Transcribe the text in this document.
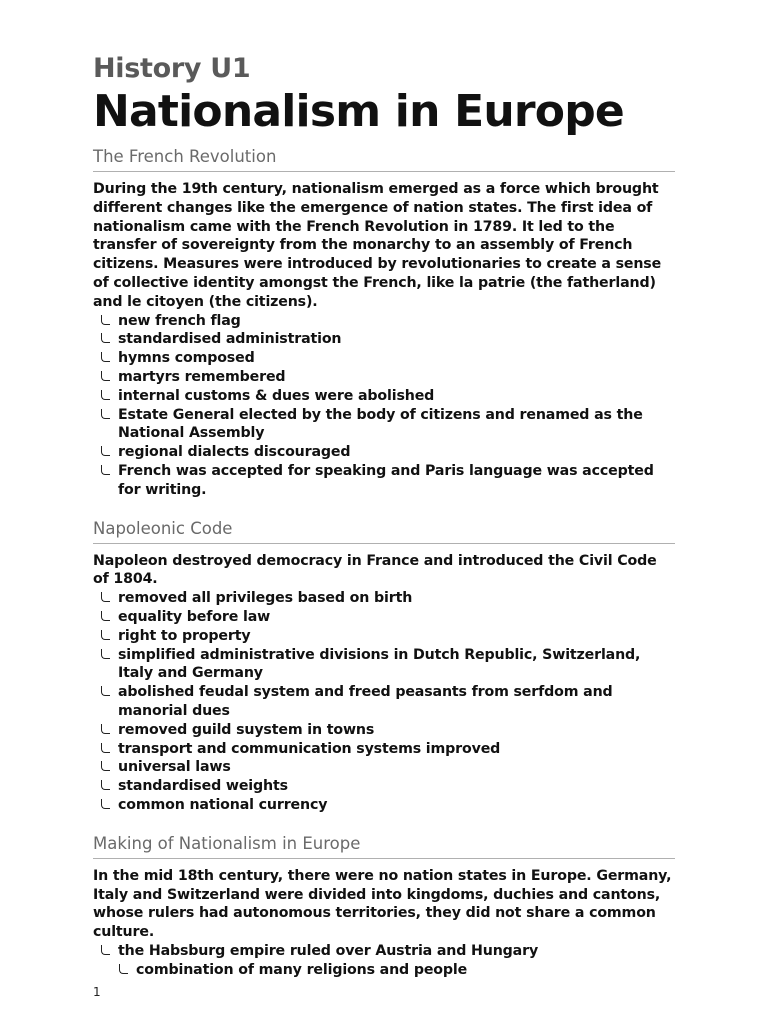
History U1
Nationalism in Europe
The French Revolution

During the 19th century, nationalism emerged as a force which brought different changes like the emergence of nation states. The first idea of nationalism came with the French Revolution in 1789. It led to the transfer of sovereignty from the monarchy to an assembly of French citizens. Measures were introduced by revolutionaries to create a sense of collective identity amongst the French, like la patrie (the fatherland) and le citoyen (the citizens).

new french flag
standardised administration
hymns composed
martyrs remembered
internal customs & dues were abolished
Estate General elected by the body of citizens and renamed as the National Assembly
regional dialects discouraged
French was accepted for speaking and Paris language was accepted for writing.
Napoleonic Code

Napoleon destroyed democracy in France and introduced the Civil Code of 1804.

removed all privileges based on birth
equality before law
right to property
simplified administrative divisions in Dutch Republic, Switzerland, Italy and Germany
abolished feudal system and freed peasants from serfdom and manorial dues
removed guild suystem in towns
transport and communication systems improved
universal laws
standardised weights
common national currency
Making of Nationalism in Europe

In the mid 18th century, there were no nation states in Europe. Germany, Italy and Switzerland were divided into kingdoms, duchies and cantons, whose rulers had autonomous territories, they did not share a common culture.

the Habsburg empire ruled over Austria and Hungary
combination of many religions and people
1
